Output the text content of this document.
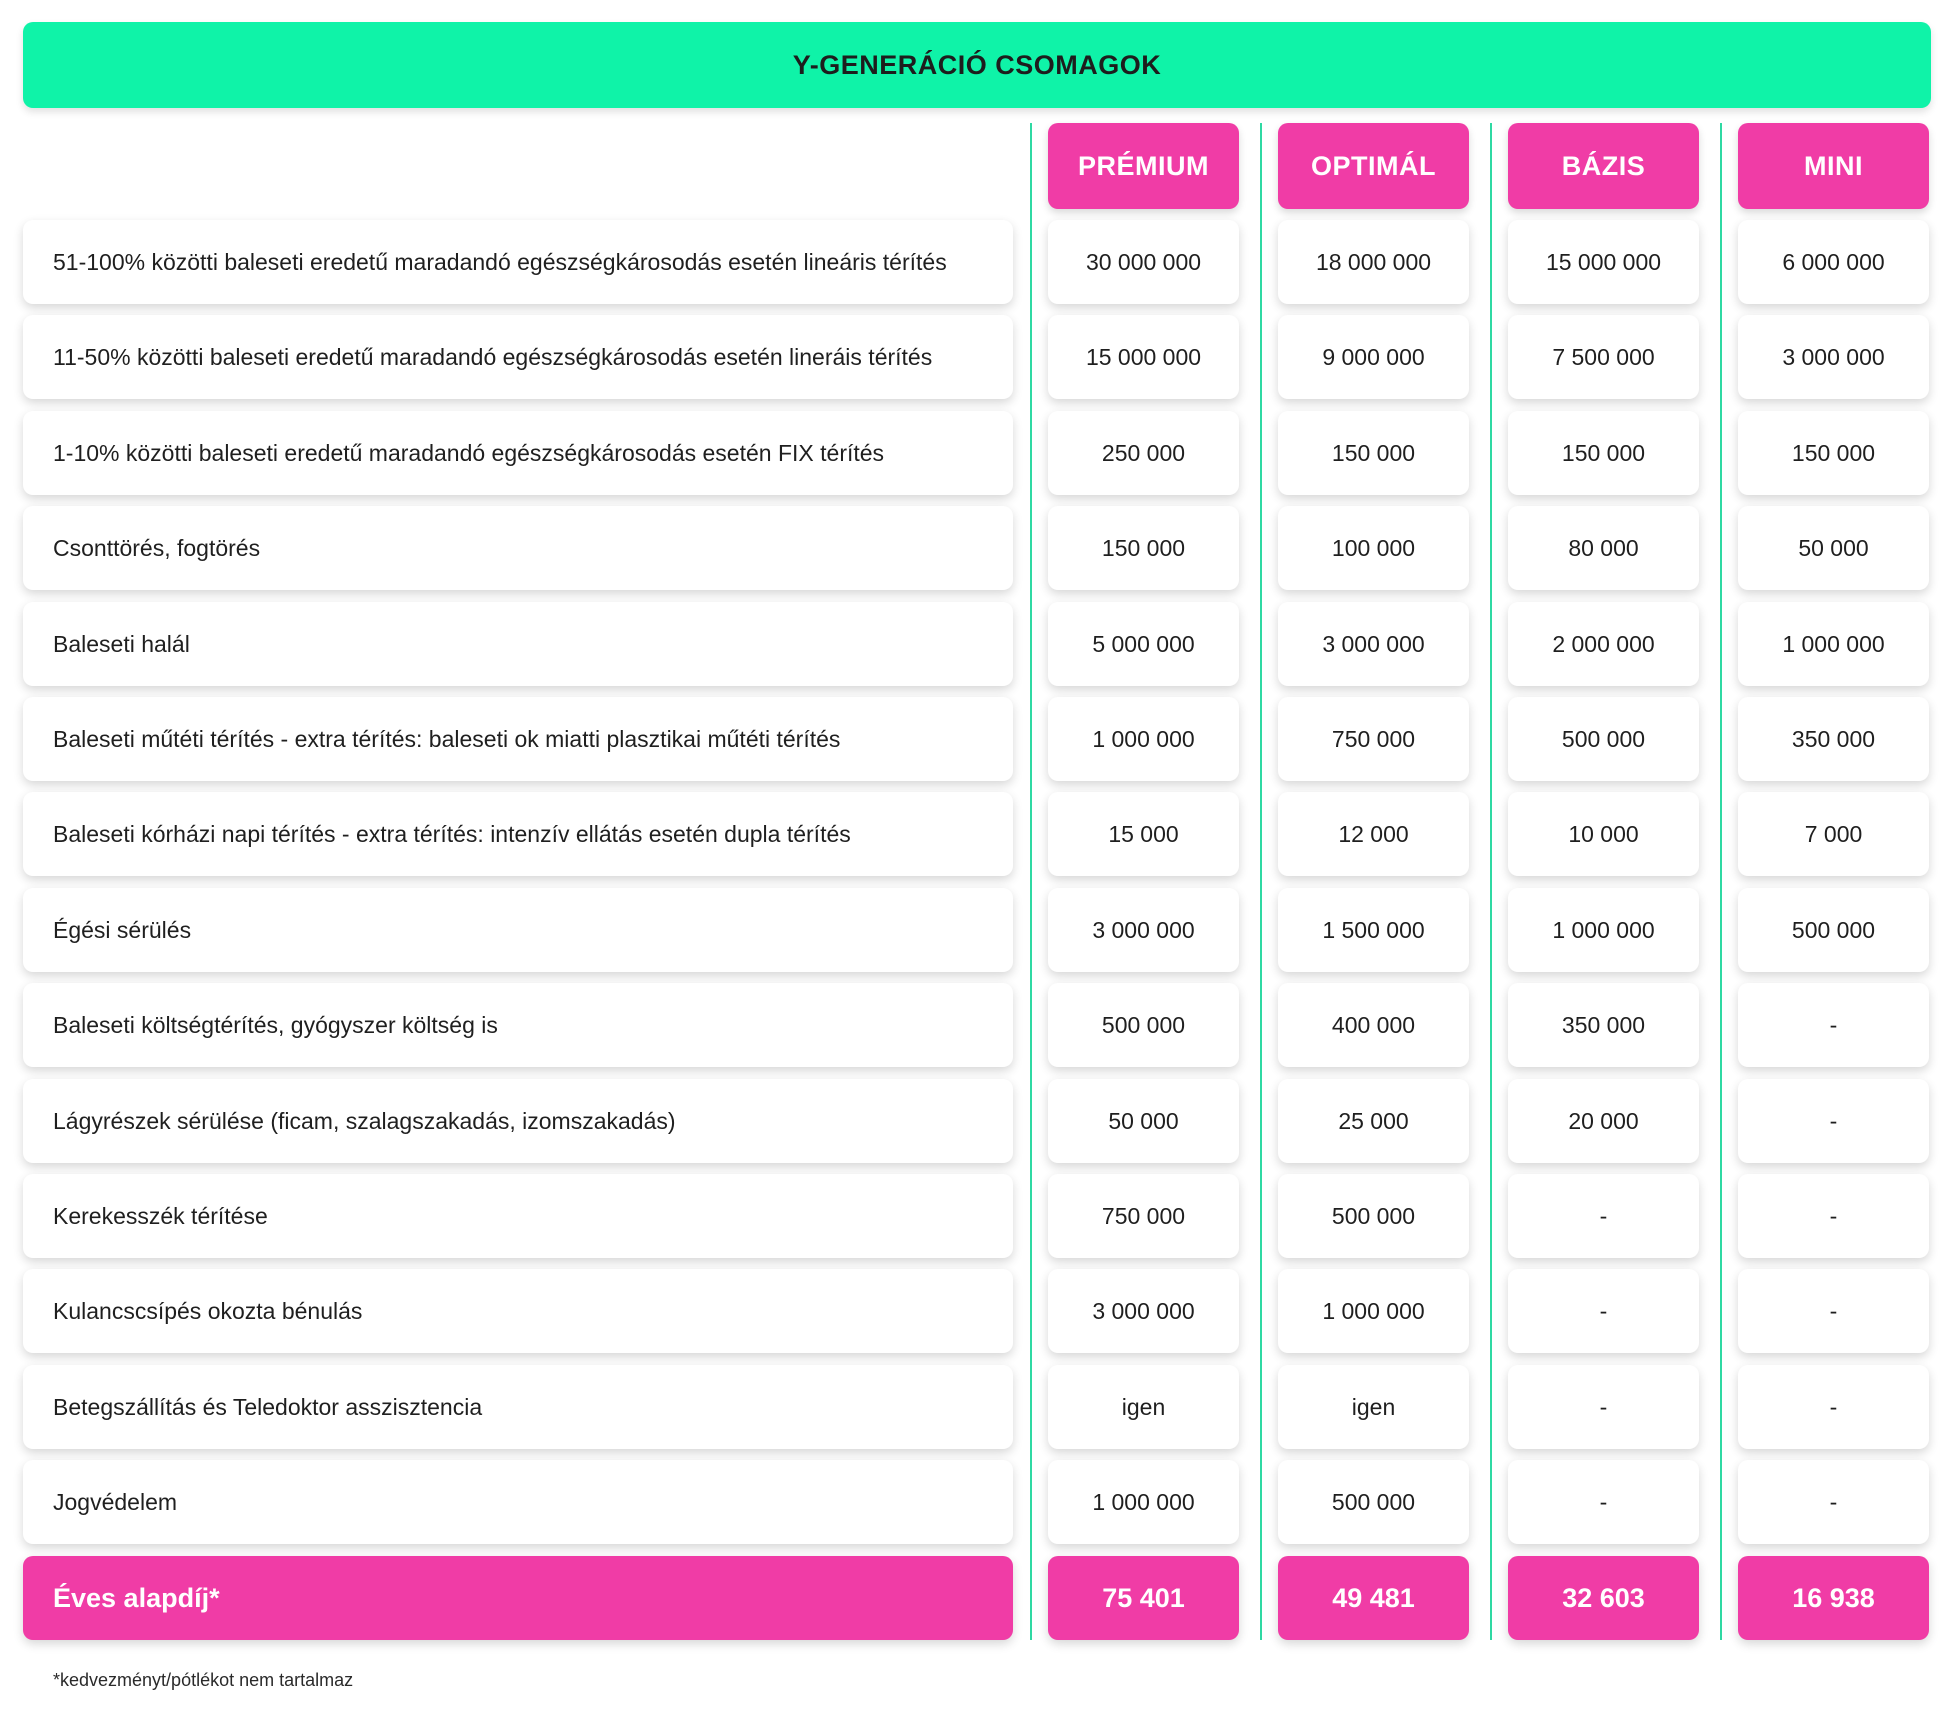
Y-GENERÁCIÓ CSOMAGOK
PRÉMIUM	OPTIMÁL	BÁZIS	MINI
51-100% közötti baleseti eredetű maradandó egészségkárosodás esetén lineáris térítés	30 000 000	18 000 000	15 000 000	6 000 000
11-50% közötti baleseti eredetű maradandó egészségkárosodás esetén lineráis térítés	15 000 000	9 000 000	7 500 000	3 000 000
1-10% közötti baleseti eredetű maradandó egészségkárosodás esetén FIX térítés	250 000	150 000	150 000	150 000
Csonttörés, fogtörés	150 000	100 000	80 000	50 000
Baleseti halál	5 000 000	3 000 000	2 000 000	1 000 000
Baleseti műtéti térítés - extra térítés: baleseti ok miatti plasztikai műtéti térítés	1 000 000	750 000	500 000	350 000
Baleseti kórházi napi térítés - extra térítés: intenzív ellátás esetén dupla térítés	15 000	12 000	10 000	7 000
Égési sérülés	3 000 000	1 500 000	1 000 000	500 000
Baleseti költségtérítés, gyógyszer költség is	500 000	400 000	350 000	-
Lágyrészek sérülése (ficam, szalagszakadás, izomszakadás)	50 000	25 000	20 000	-
Kerekesszék térítése	750 000	500 000	-	-
Kulancscsípés okozta bénulás	3 000 000	1 000 000	-	-
Betegszállítás és Teledoktor asszisztencia	igen	igen	-	-
Jogvédelem	1 000 000	500 000	-	-
Éves alapdíj*	75 401	49 481	32 603	16 938
*kedvezményt/pótlékot nem tartalmaz
